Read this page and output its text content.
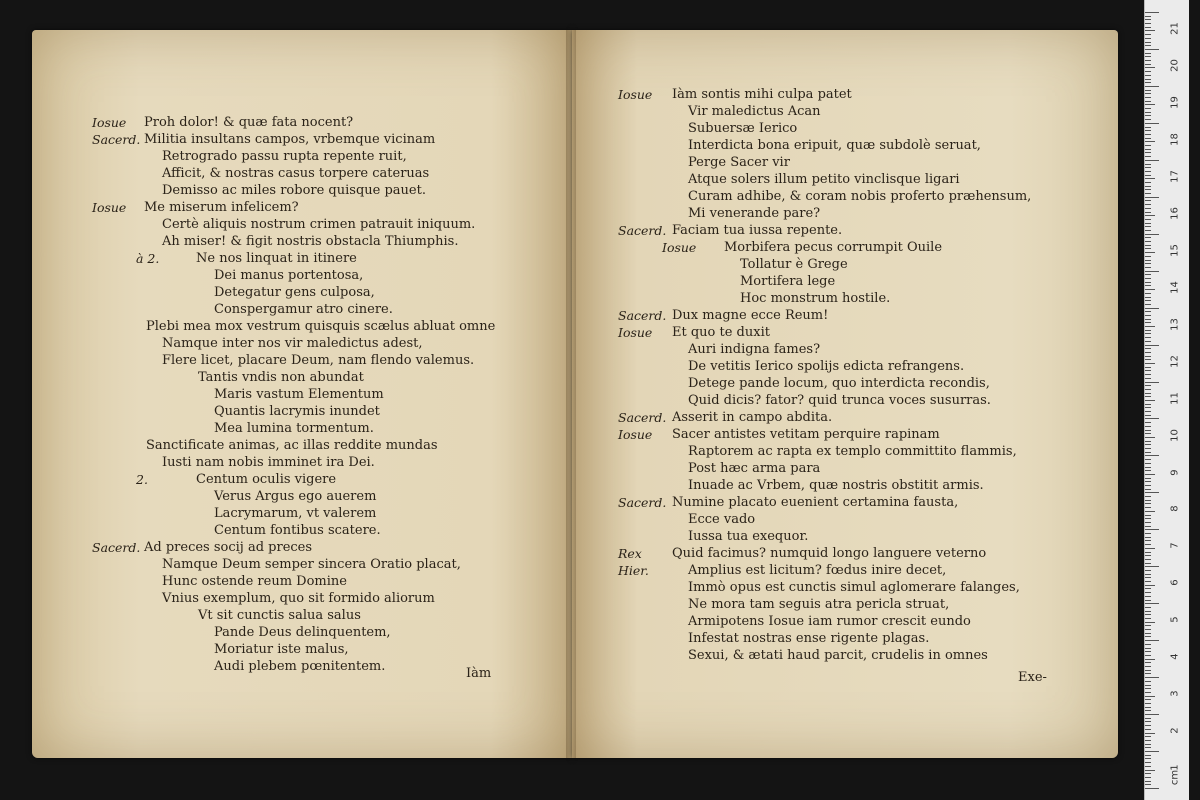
Iosue Proh dolor! & quæ fata nocent?
Sacerd. Militia insultans campos, vrbemque vicinam
Retrogrado passu rupta repente ruit,
Afficit, & nostras casus torpere cateruas
Demisso ac miles robore quisque pauet.
Iosue Me miserum infelicem?
Certè aliquis nostrum crimen patrauit iniquum.
Ah miser! & figit nostris obstacla Thiumphis.
à 2.	Ne nos linquat in itinere
Dei manus portentosa,
Detegatur gens culposa,
Conspergamur atro cinere.
Plebi mea mox vestrum quisquis scælus abluat omne
Namque inter nos vir maledictus adest,
Flere licet, placare Deum, nam flendo valemus.
Tantis vndis non abundat
Maris vastum Elementum
Quantis lacrymis inundet
Mea lumina tormentum.
Sanctificate animas, ac illas reddite mundas
Iusti nam nobis imminet ira Dei.
2.	Centum oculis vigere
Verus Argus ego auerem
Lacrymarum, vt valerem
Centum fontibus scatere.
Sacerd. Ad preces socij ad preces
Namque Deum semper sincera Oratio placat,
Hunc ostende reum Domine
Vnius exemplum, quo sit formido aliorum
Vt sit cunctis salua salus
Pande Deus delinquentem,
Moriatur iste malus,
Audi plebem pœnitentem.	Iàm
Iosue Iàm sontis mihi culpa patet
Vir maledictus Acan
Subuersæ Ierico
Interdicta bona eripuit, quæ subdolè seruat,
Perge Sacer vir
Atque solers illum petito vinclisque ligari
Curam adhibe, & coram nobis proferto præhensum,
Mi venerande pare?
Sacerd. Faciam tua iussa repente.
Iosue Morbifera pecus corrumpit Ouile
Tollatur è Grege
Mortifera lege
Hoc monstrum hostile.
Sacerd. Dux magne ecce Reum!
Iosue Et quo te duxit
Auri indigna fames?
De vetitis Ierico spolijs edicta refrangens.
Detege pande locum, quo interdicta recondis,
Quid dicis? fator? quid trunca voces susurras.
Sacerd. Asserit in campo abdita.
Iosue Sacer antistes vetitam perquire rapinam
Raptorem ac rapta ex templo committito flammis,
Post hæc arma para
Inuade ac Vrbem, quæ nostris obstitit armis.
Sacerd. Numine placato euenient certamina fausta,
Ecce vado
Iussa tua exequor.
Rex Quid facimus? numquid longo languere veterno
Hier.	Amplius est licitum? fœdus inire decet,
Immò opus est cunctis simul aglomerare falanges,
Ne mora tam seguis atra pericla struat,
Armipotens Iosue iam rumor crescit eundo
Infestat nostras ense rigente plagas.
Sexui, & ætati haud parcit, crudelis in omnes
Exe-
21
20
19
18
17
16
15
14
13
12
11
10
9
8
7
6
5
4
3
2
1
cm
